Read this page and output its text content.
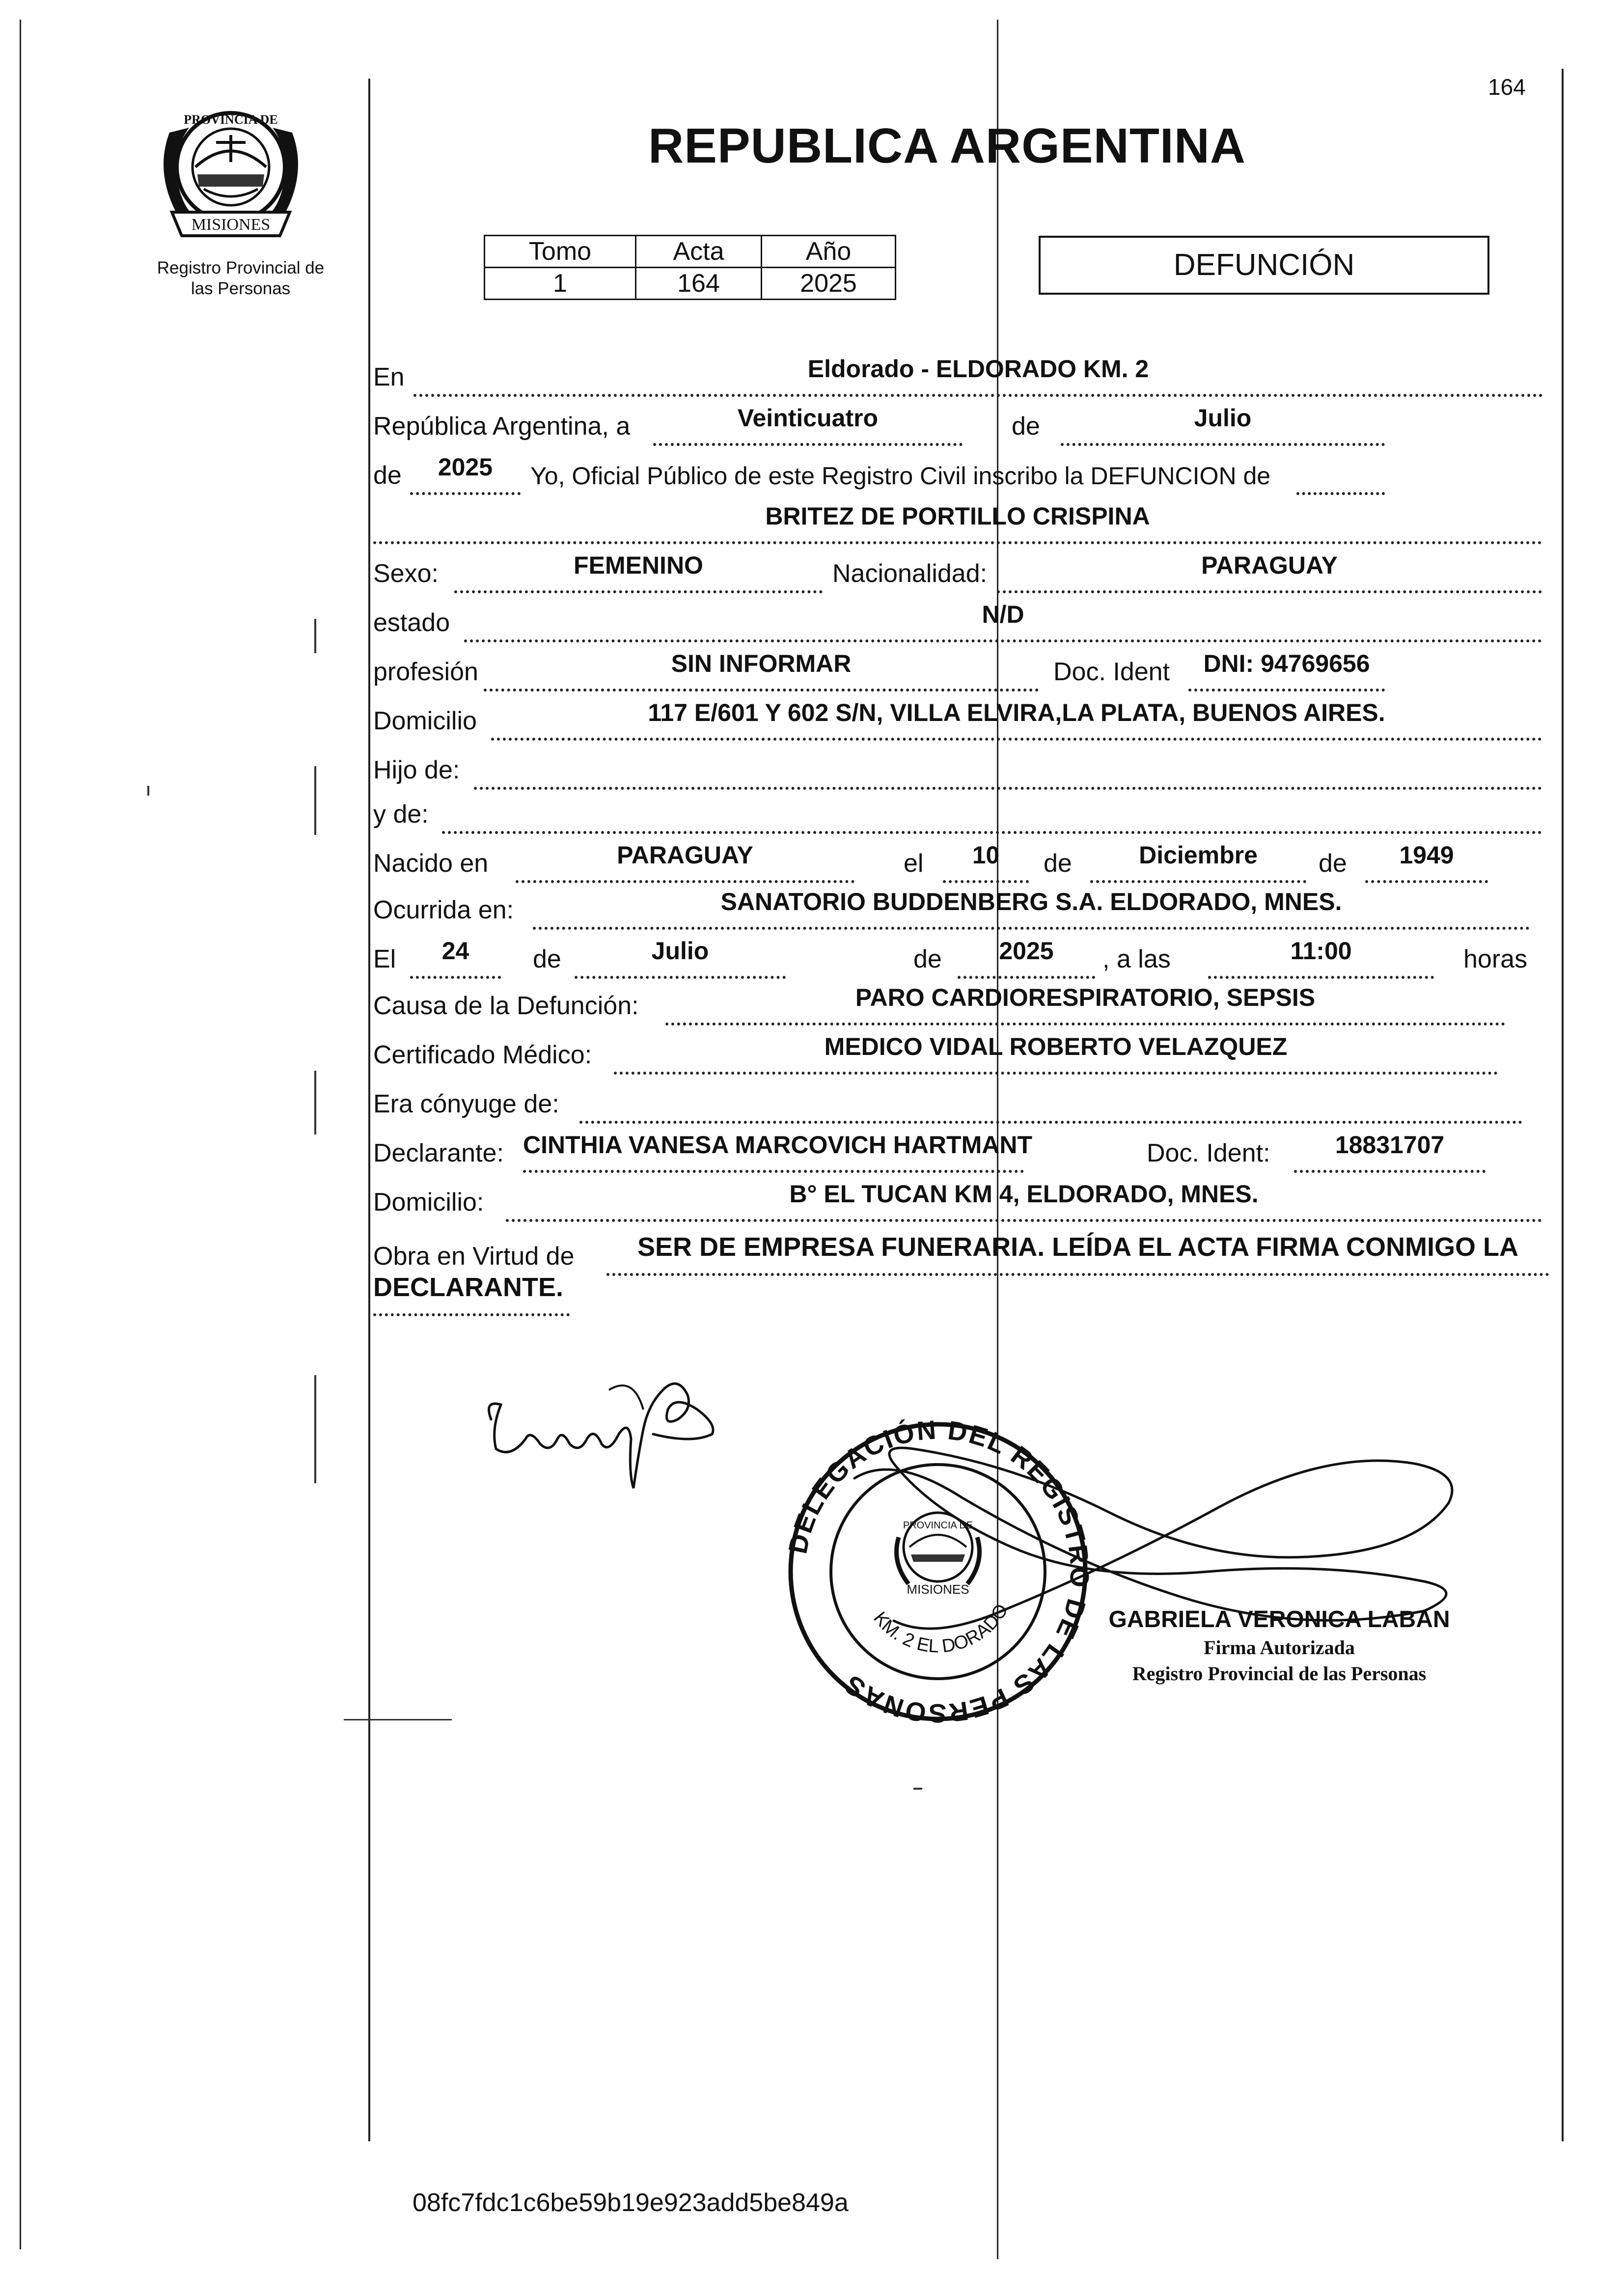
PROVINCIA DE
MISIONES
Registro Provincial de
las Personas
164
REPUBLICA ARGENTINA
Tomo	Acta	Año
1	164	2025
DEFUNCIÓN
En	Eldorado - ELDORADO KM. 2
República Argentina, a	Veinticuatro	de	Julio
de	2025	Yo, Oficial Público de este Registro Civil inscribo la DEFUNCION de
BRITEZ DE PORTILLO CRISPINA
Sexo:	FEMENINO	Nacionalidad:	PARAGUAY
estado	N/D
profesión	SIN INFORMAR	Doc. Ident	DNI: 94769656
Domicilio	117 E/601 Y 602 S/N, VILLA ELVIRA,LA PLATA, BUENOS AIRES.
Hijo de:
y de:
Nacido en	PARAGUAY	el	10	de	Diciembre	de	1949
Ocurrida en:	SANATORIO BUDDENBERG S.A. ELDORADO, MNES.
El	24	de	Julio	de	2025	, a las	11:00	horas
Causa de la Defunción:	PARO CARDIORESPIRATORIO, SEPSIS
Certificado Médico:	MEDICO VIDAL ROBERTO VELAZQUEZ
Era cónyuge de:
Declarante: CINTHIA VANESA MARCOVICH HARTMANT	Doc. Ident:	18831707
Domicilio:	B° EL TUCAN KM 4, ELDORADO, MNES.
Obra en Virtud de	SER DE EMPRESA FUNERARIA. LEÍDA EL ACTA FIRMA CONMIGO LA
DECLARANTE.
DELEGACIÓN DEL REGISTRO DE LAS PERSONAS
KM. 2 EL DORADO
PROVINCIA DE
MISIONES
GABRIELA VERONICA LABAN
Firma Autorizada
Registro Provincial de las Personas
08fc7fdc1c6be59b19e923add5be849a
